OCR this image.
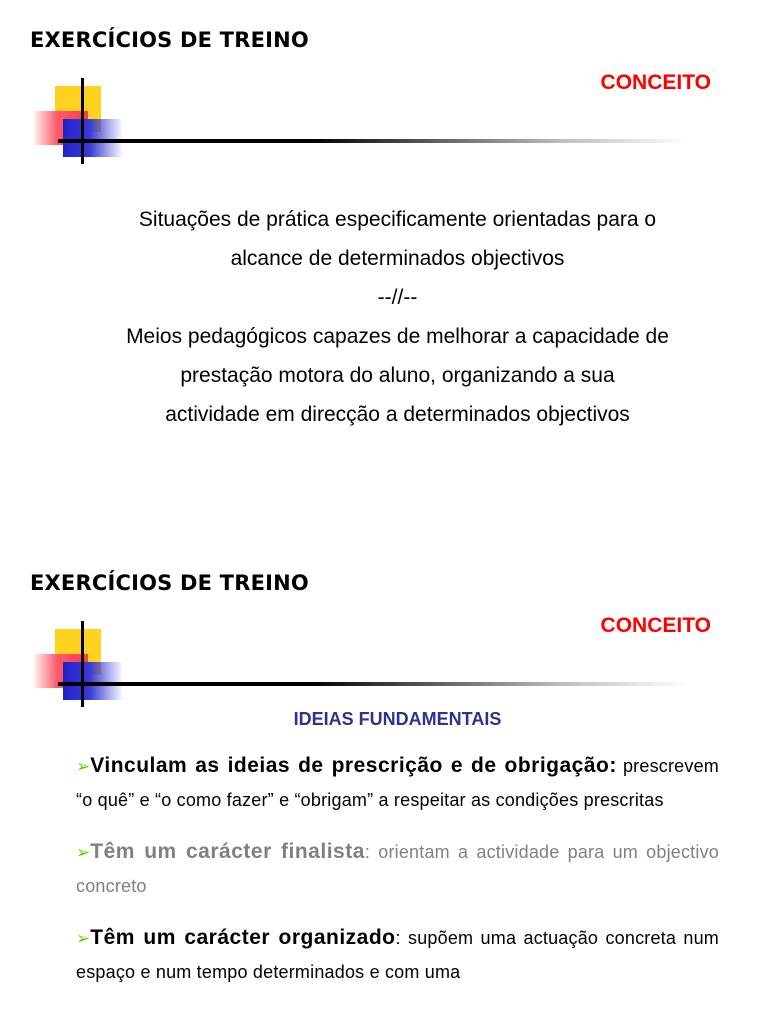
EXERCÍCIOS DE TREINO
CONCEITO

Situações de prática especificamente orientadas para o

alcance de determinados objectivos

--//--

Meios pedagógicos capazes de melhorar a capacidade de

prestação motora do aluno, organizando a sua

actividade em direcção a determinados objectivos

EXERCÍCIOS DE TREINO
CONCEITO
IDEIAS FUNDAMENTAIS

➢Vinculam as ideias de prescrição e de obrigação: prescrevem “o quê” e “o como fazer” e “obrigam” a respeitar as condições prescritas

➢Têm um carácter finalista: orientam a actividade para um objectivo concreto

➢Têm um carácter organizado: supõem uma actuação concreta num espaço e num tempo determinados e com uma
